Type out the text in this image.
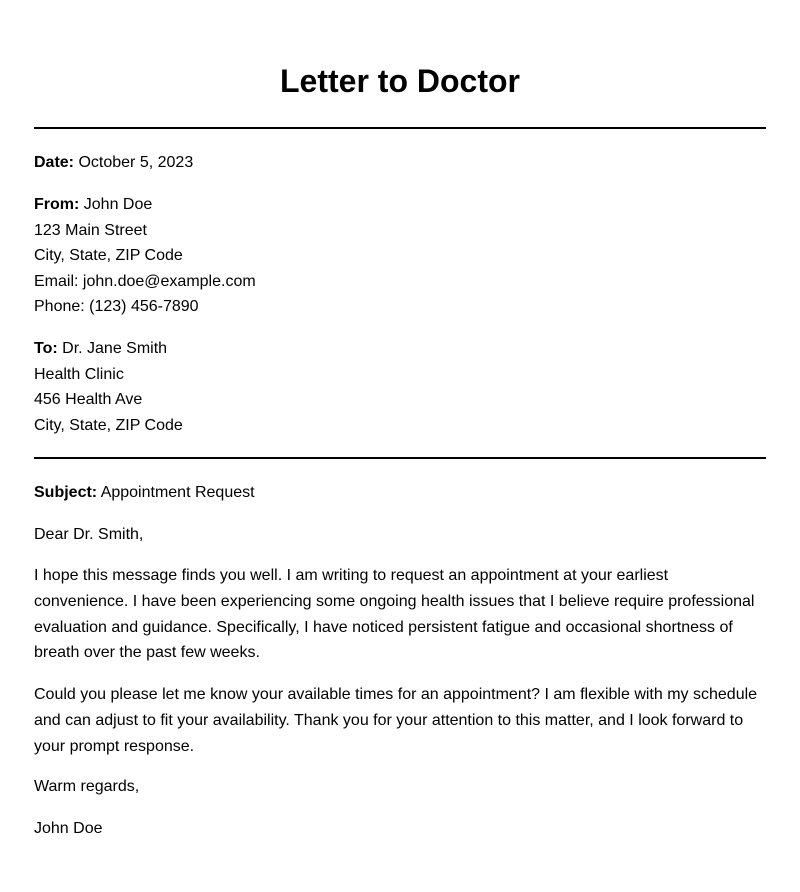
Letter to Doctor
Date: October 5, 2023
From: John Doe
123 Main Street
City, State, ZIP Code
Email: john.doe@example.com
Phone: (123) 456-7890
To: Dr. Jane Smith
Health Clinic
456 Health Ave
City, State, ZIP Code
Subject: Appointment Request
Dear Dr. Smith,
I hope this message finds you well. I am writing to request an appointment at your earliest convenience. I have been experiencing some ongoing health issues that I believe require professional evaluation and guidance. Specifically, I have noticed persistent fatigue and occasional shortness of breath over the past few weeks.
Could you please let me know your available times for an appointment? I am flexible with my schedule and can adjust to fit your availability. Thank you for your attention to this matter, and I look forward to your prompt response.
Warm regards,
John Doe
